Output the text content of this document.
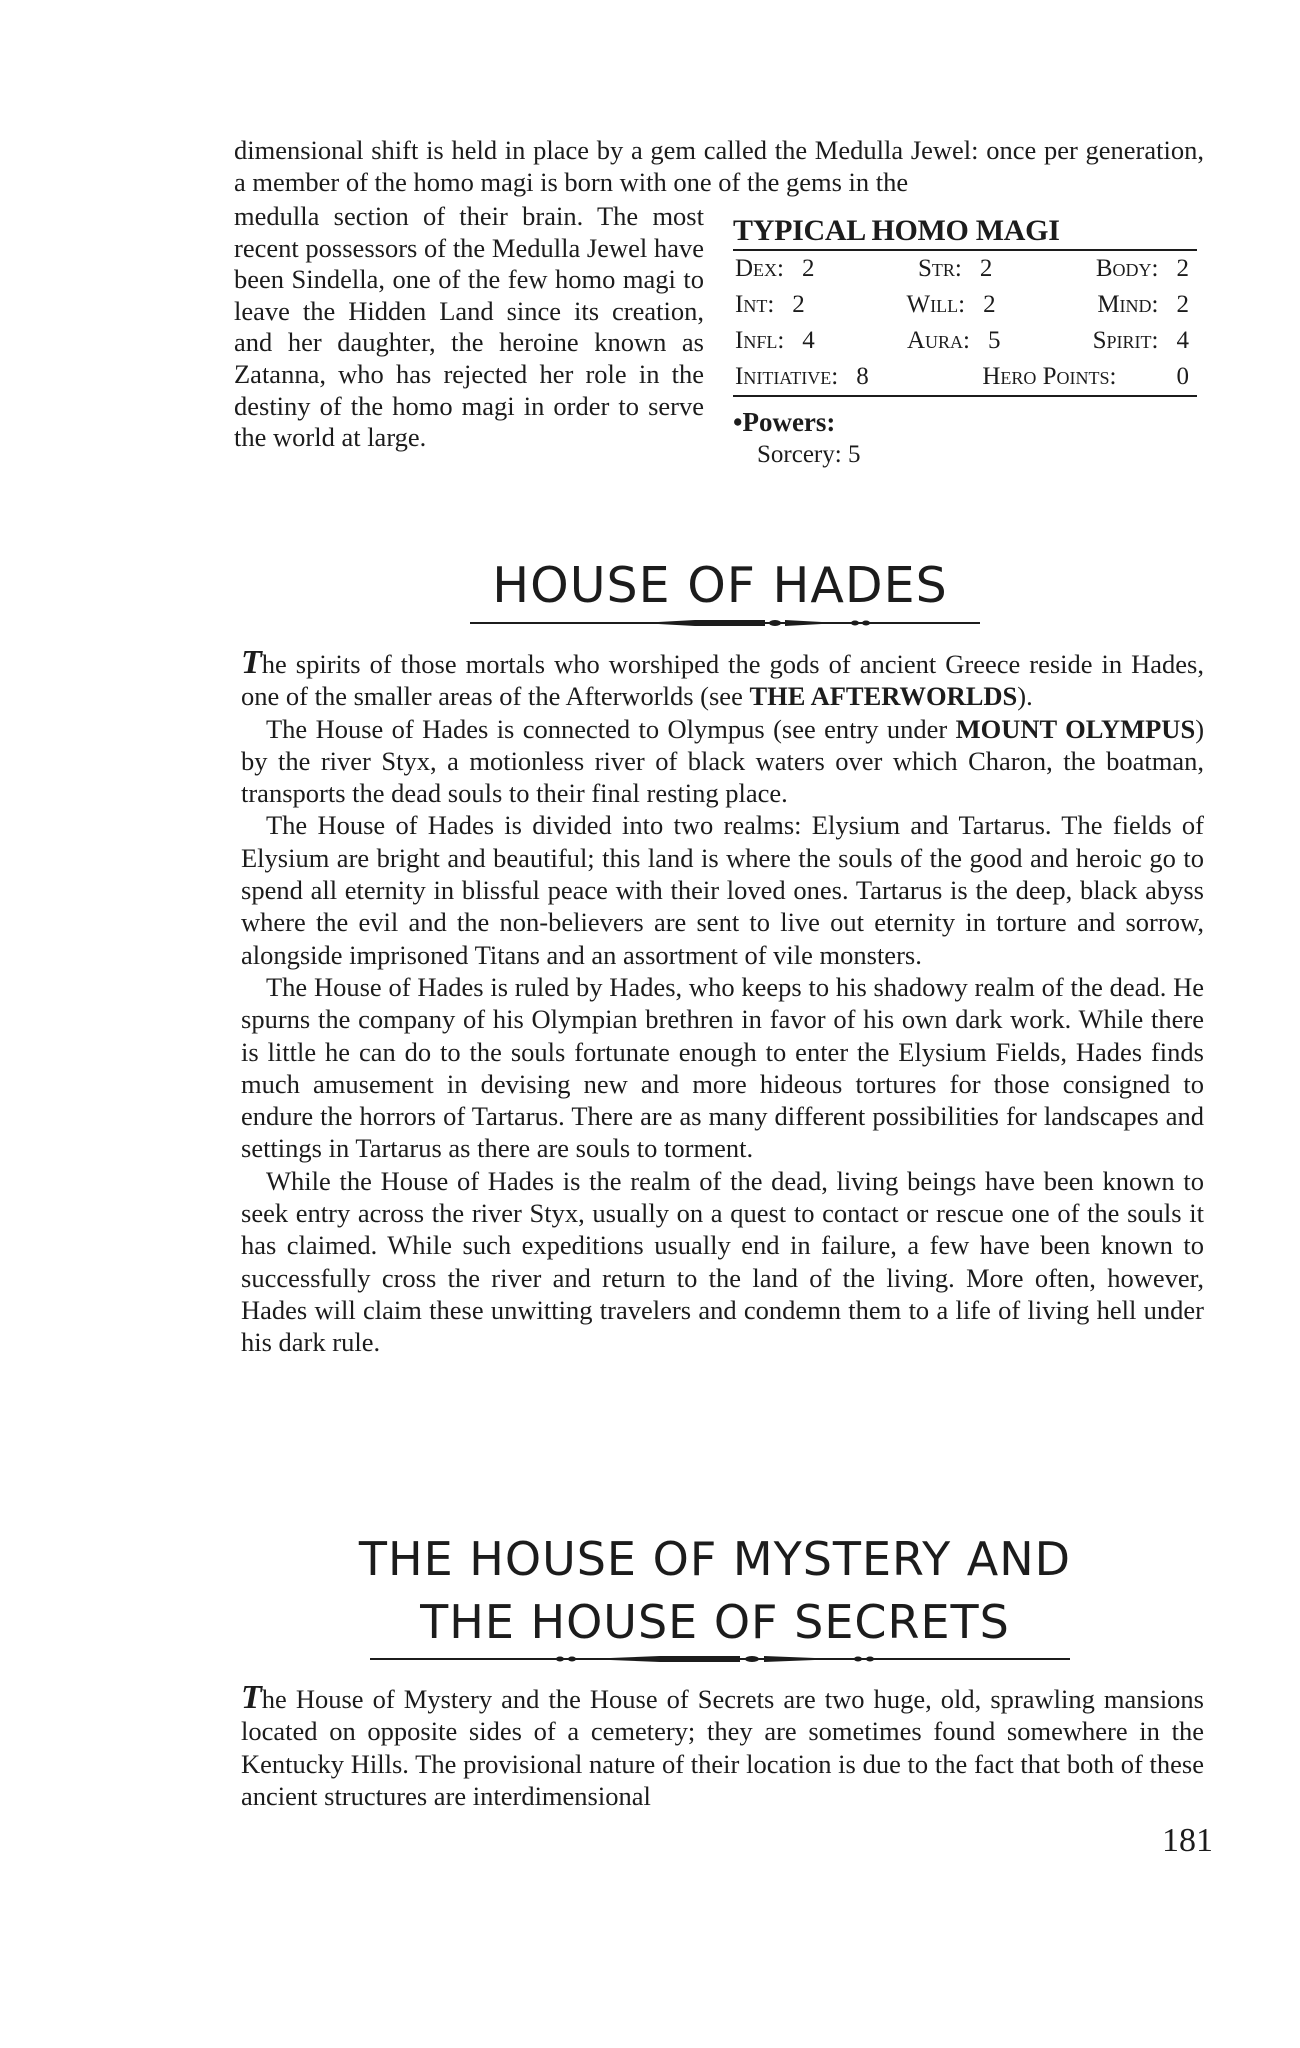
dimensional shift is held in place by a gem called the Medulla Jewel: once per generation, a member of the homo magi is born with one of the gems in the

medulla section of their brain. The most recent possessors of the Medulla Jewel have been Sindella, one of the few homo magi to leave the Hidden Land since its creation, and her daughter, the heroine known as Zatanna, who has rejected her role in the destiny of the homo magi in order to serve the world at large.

TYPICAL HOMO MAGI
Dex: 2	Str: 2	Body: 2
Int: 2	Will: 2	Mind: 2
Infl: 4	Aura: 5	Spirit: 4
Initiative: 8	Hero Points: 0
•Powers:
Sorcery: 5
HOUSE OF HADES

The spirits of those mortals who worshiped the gods of ancient Greece reside in Hades, one of the smaller areas of the Afterworlds (see THE AFTERWORLDS).

The House of Hades is connected to Olympus (see entry under MOUNT OLYMPUS) by the river Styx, a motionless river of black waters over which Charon, the boatman, transports the dead souls to their final resting place.

The House of Hades is divided into two realms: Elysium and Tartarus. The fields of Elysium are bright and beautiful; this land is where the souls of the good and heroic go to spend all eternity in blissful peace with their loved ones. Tartarus is the deep, black abyss where the evil and the non-believers are sent to live out eternity in torture and sorrow, alongside imprisoned Titans and an assortment of vile monsters.

The House of Hades is ruled by Hades, who keeps to his shadowy realm of the dead. He spurns the company of his Olympian brethren in favor of his own dark work. While there is little he can do to the souls fortunate enough to enter the Elysium Fields, Hades finds much amusement in devising new and more hideous tortures for those consigned to endure the horrors of Tartarus. There are as many different possibilities for landscapes and settings in Tartarus as there are souls to torment.

While the House of Hades is the realm of the dead, living beings have been known to seek entry across the river Styx, usually on a quest to contact or rescue one of the souls it has claimed. While such expeditions usually end in failure, a few have been known to successfully cross the river and return to the land of the living. More often, however, Hades will claim these unwitting travelers and condemn them to a life of living hell under his dark rule.

THE HOUSE OF MYSTERY AND
THE HOUSE OF SECRETS

The House of Mystery and the House of Secrets are two huge, old, sprawling mansions located on opposite sides of a cemetery; they are sometimes found somewhere in the Kentucky Hills. The provisional nature of their location is due to the fact that both of these ancient structures are interdimensional

181
